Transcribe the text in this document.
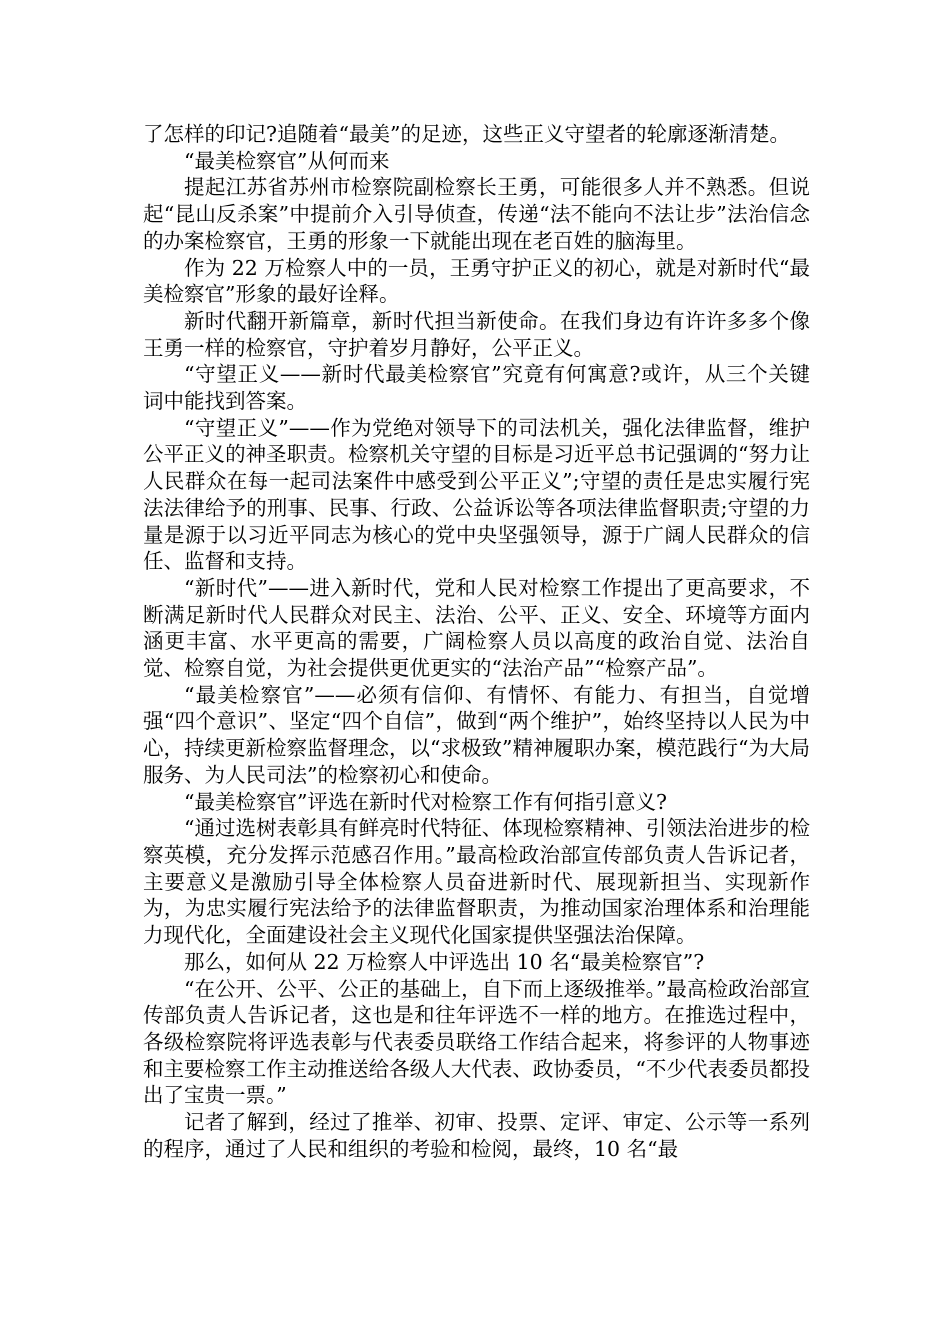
了怎样的印记?追随着“最美”的足迹，这些正义守望者的轮廓逐渐清楚。

“最美检察官”从何而来

提起江苏省苏州市检察院副检察长王勇，可能很多人并不熟悉。但说起“昆山反杀案”中提前介入引导侦查，传递“法不能向不法让步”法治信念的办案检察官，王勇的形象一下就能出现在老百姓的脑海里。

作为 22 万检察人中的一员，王勇守护正义的初心，就是对新时代“最美检察官”形象的最好诠释。

新时代翻开新篇章，新时代担当新使命。在我们身边有许许多多个像王勇一样的检察官，守护着岁月静好，公平正义。

“守望正义——新时代最美检察官”究竟有何寓意?或许，从三个关键词中能找到答案。

“守望正义”——作为党绝对领导下的司法机关，强化法律监督，维护公平正义的神圣职责。检察机关守望的目标是习近平总书记强调的“努力让人民群众在每一起司法案件中感受到公平正义”;守望的责任是忠实履行宪法法律给予的刑事、民事、行政、公益诉讼等各项法律监督职责;守望的力量是源于以习近平同志为核心的党中央坚强领导，源于广阔人民群众的信任、监督和支持。

“新时代”——进入新时代，党和人民对检察工作提出了更高要求，不断满足新时代人民群众对民主、法治、公平、正义、安全、环境等方面内涵更丰富、水平更高的需要，广阔检察人员以高度的政治自觉、法治自觉、检察自觉，为社会提供更优更实的“法治产品”“检察产品”。

“最美检察官”——必须有信仰、有情怀、有能力、有担当，自觉增强“四个意识”、坚定“四个自信”，做到“两个维护”，始终坚持以人民为中心，持续更新检察监督理念，以“求极致”精神履职办案，模范践行“为大局服务、为人民司法”的检察初心和使命。

“最美检察官”评选在新时代对检察工作有何指引意义?

“通过选树表彰具有鲜亮时代特征、体现检察精神、引领法治进步的检察英模，充分发挥示范感召作用。”最高检政治部宣传部负责人告诉记者，主要意义是激励引导全体检察人员奋进新时代、展现新担当、实现新作为，为忠实履行宪法给予的法律监督职责，为推动国家治理体系和治理能力现代化，全面建设社会主义现代化国家提供坚强法治保障。

那么，如何从 22 万检察人中评选出 10 名“最美检察官”?

“在公开、公平、公正的基础上，自下而上逐级推举。”最高检政治部宣传部负责人告诉记者，这也是和往年评选不一样的地方。在推选过程中，各级检察院将评选表彰与代表委员联络工作结合起来，将参评的人物事迹和主要检察工作主动推送给各级人大代表、政协委员，“不少代表委员都投出了宝贵一票。”

记者了解到，经过了推举、初审、投票、定评、审定、公示等一系列的程序，通过了人民和组织的考验和检阅，最终，10 名“最
